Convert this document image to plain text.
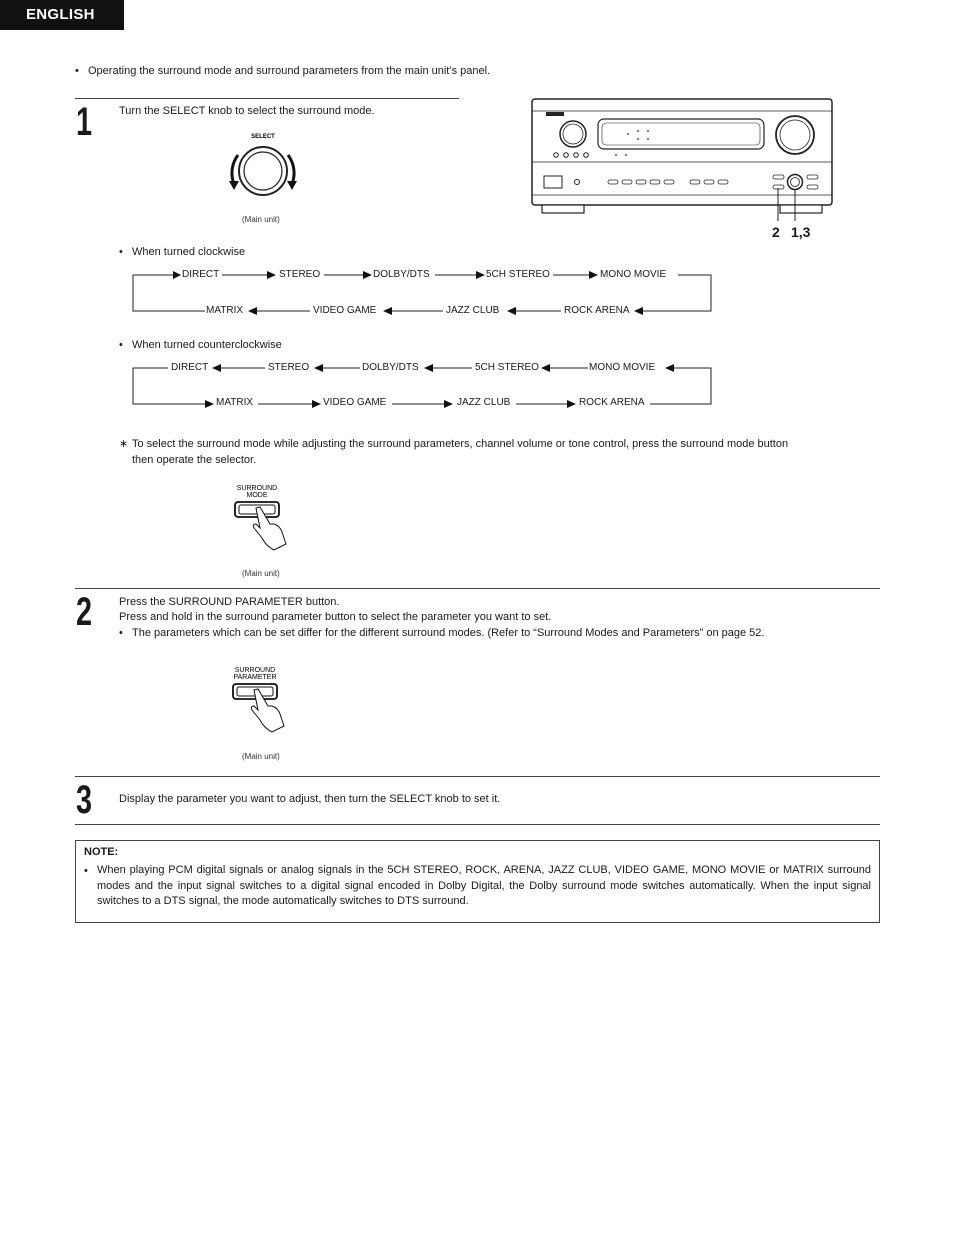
ENGLISH
• Operating the surround mode and surround parameters from the main unit’s panel.
1 Turn the SELECT knob to select the surround mode.
SELECT
(Main unit)
2 1,3
• When turned clockwise
DIRECT	STEREO	DOLBY/DTS	5CH STEREO	MONO MOVIE
MATRIX	VIDEO GAME	JAZZ CLUB	ROCK ARENA
• When turned counterclockwise
DIRECT	STEREO	DOLBY/DTS	5CH STEREO	MONO MOVIE
MATRIX	VIDEO GAME	JAZZ CLUB	ROCK ARENA
∗ To select the surround mode while adjusting the surround parameters, channel volume or tone control, press the surround mode button
then operate the selector.
SURROUND
MODE
(Main unit)
2 Press the SURROUND PARAMETER button.
Press and hold in the surround parameter button to select the parameter you want to set.
• The parameters which can be set differ for the different surround modes. (Refer to “Surround Modes and Parameters” on page 52.
SURROUND
PARAMETER
(Main unit)
3 Display the parameter you want to adjust, then turn the SELECT knob to set it.
NOTE:
• When playing PCM digital signals or analog signals in the 5CH STEREO, ROCK, ARENA, JAZZ CLUB, VIDEO GAME, MONO MOVIE or MATRIX surround modes and the input signal switches to a digital signal encoded in Dolby Digital, the Dolby surround mode switches automatically. When the input signal switches to a DTS signal, the mode automatically switches to DTS surround.
